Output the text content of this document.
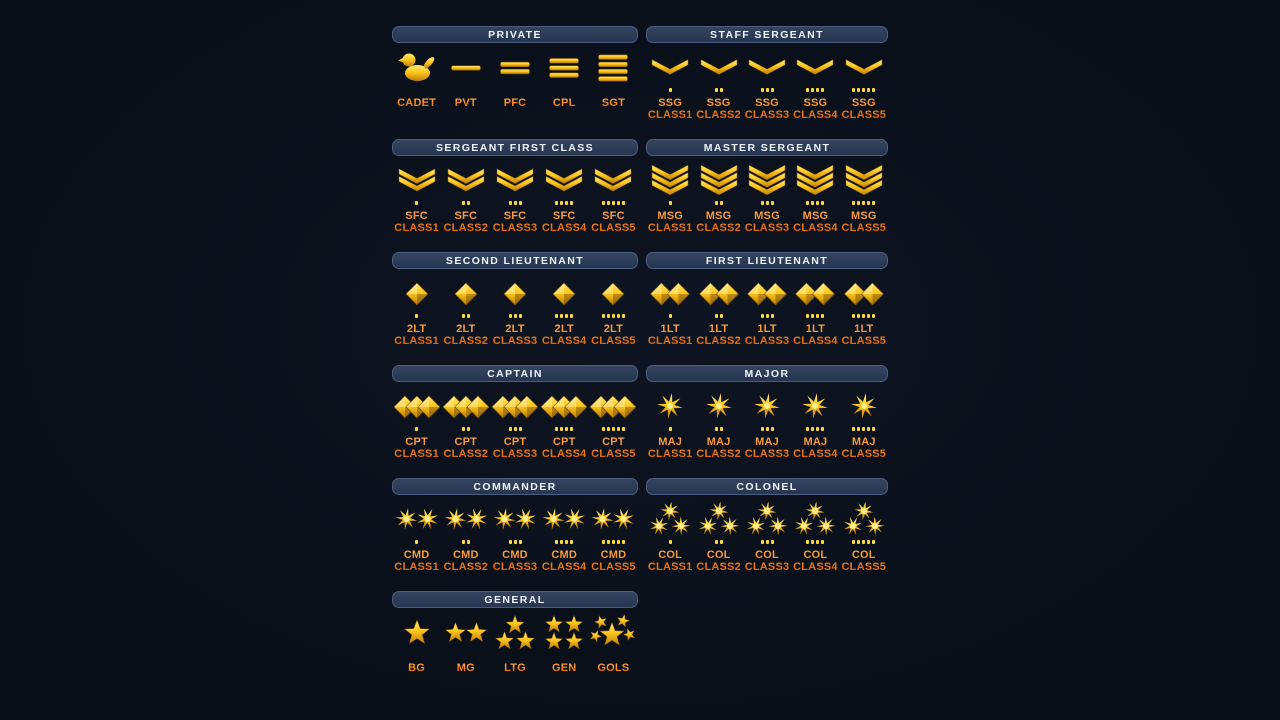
PRIVATE
CADET PVT PFC CPL SGT
STAFF SERGEANT
SSG
CLASS1
SSG
CLASS2
SSG
CLASS3
SSG
CLASS4
SSG
CLASS5
SERGEANT FIRST CLASS
SFC
CLASS1
SFC
CLASS2
SFC
CLASS3
SFC
CLASS4
SFC
CLASS5
MASTER SERGEANT
MSG
CLASS1
MSG
CLASS2
MSG
CLASS3
MSG
CLASS4
MSG
CLASS5
SECOND LIEUTENANT
2LT
CLASS1
2LT
CLASS2
2LT
CLASS3
2LT
CLASS4
2LT
CLASS5
FIRST LIEUTENANT
1LT
CLASS1
1LT
CLASS2
1LT
CLASS3
1LT
CLASS4
1LT
CLASS5
CAPTAIN
CPT
CLASS1
CPT
CLASS2
CPT
CLASS3
CPT
CLASS4
CPT
CLASS5
MAJOR
MAJ
CLASS1
MAJ
CLASS2
MAJ
CLASS3
MAJ
CLASS4
MAJ
CLASS5
COMMANDER
CMD
CLASS1
CMD
CLASS2
CMD
CLASS3
CMD
CLASS4
CMD
CLASS5
COLONEL
COL
CLASS1
COL
CLASS2
COL
CLASS3
COL
CLASS4
COL
CLASS5
GENERAL
BG	MG	LTG GEN GOLS
